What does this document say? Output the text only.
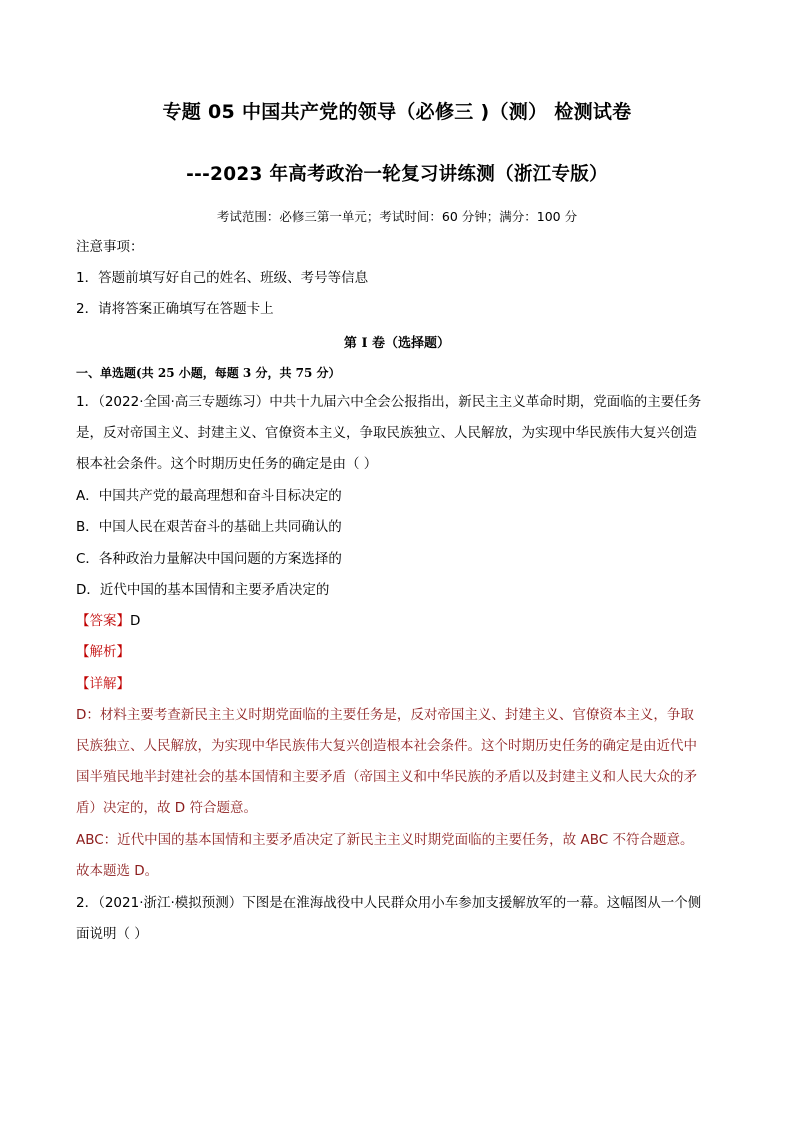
专题 05 中国共产党的领导（必修三 )（测） 检测试卷
---2023 年高考政治一轮复习讲练测（浙江专版）
考试范围：必修三第一单元；考试时间：60 分钟；满分：100 分
注意事项：
1．答题前填写好自己的姓名、班级、考号等信息
2．请将答案正确填写在答题卡上
第 I 卷（选择题）
一、单选题(共 25 小题，每题 3 分，共 75 分）
1．（2022·全国·高三专题练习）中共十九届六中全会公报指出，新民主主义革命时期，党面临的主要任务
是，反对帝国主义、封建主义、官僚资本主义，争取民族独立、人民解放，为实现中华民族伟大复兴创造
根本社会条件。这个时期历史任务的确定是由（ ）
A．中国共产党的最高理想和奋斗目标决定的
B．中国人民在艰苦奋斗的基础上共同确认的
C．各种政治力量解决中国问题的方案选择的
D．近代中国的基本国情和主要矛盾决定的
【答案】D
【解析】
【详解】
D：材料主要考查新民主主义时期党面临的主要任务是，反对帝国主义、封建主义、官僚资本主义，争取
民族独立、人民解放，为实现中华民族伟大复兴创造根本社会条件。这个时期历史任务的确定是由近代中
国半殖民地半封建社会的基本国情和主要矛盾（帝国主义和中华民族的矛盾以及封建主义和人民大众的矛
盾）决定的，故 D 符合题意。
ABC：近代中国的基本国情和主要矛盾决定了新民主主义时期党面临的主要任务，故 ABC 不符合题意。
故本题选 D。
2．（2021·浙江·模拟预测）下图是在淮海战役中人民群众用小车参加支援解放军的一幕。这幅图从一个侧
面说明（ ）
